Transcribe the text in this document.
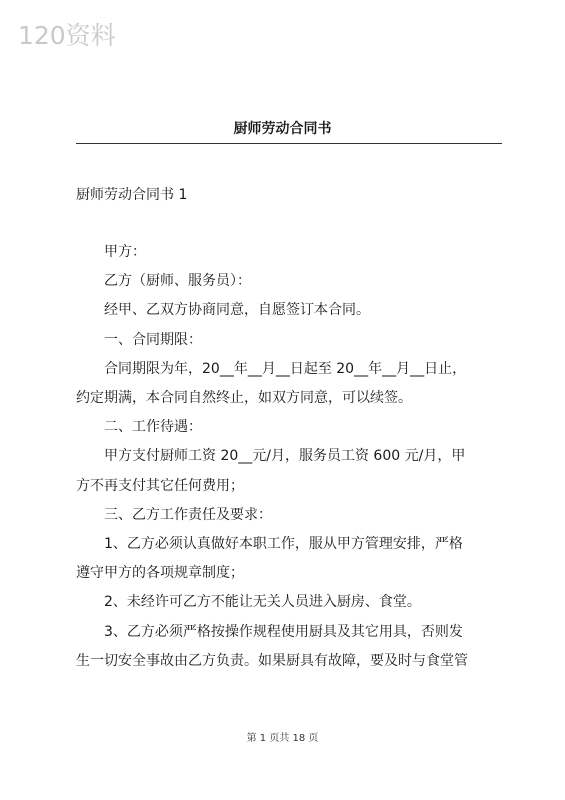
120资料
厨师劳动合同书
厨师劳动合同书 1

甲方：

乙方（厨师、服务员）：

经甲、乙双方协商同意，自愿签订本合同。

一、合同期限：

合同期限为年，20__年__月__日起至 20__年__月__日止，

约定期满，本合同自然终止，如双方同意，可以续签。

二、工作待遇：

甲方支付厨师工资 20__元/月，服务员工资 600 元/月，甲

方不再支付其它任何费用；

三、乙方工作责任及要求：

1、乙方必须认真做好本职工作，服从甲方管理安排，严格

遵守甲方的各项规章制度；

2、未经许可乙方不能让无关人员进入厨房、食堂。

3、乙方必须严格按操作规程使用厨具及其它用具，否则发

生一切安全事故由乙方负责。如果厨具有故障，要及时与食堂管

第 1 页共 18 页
